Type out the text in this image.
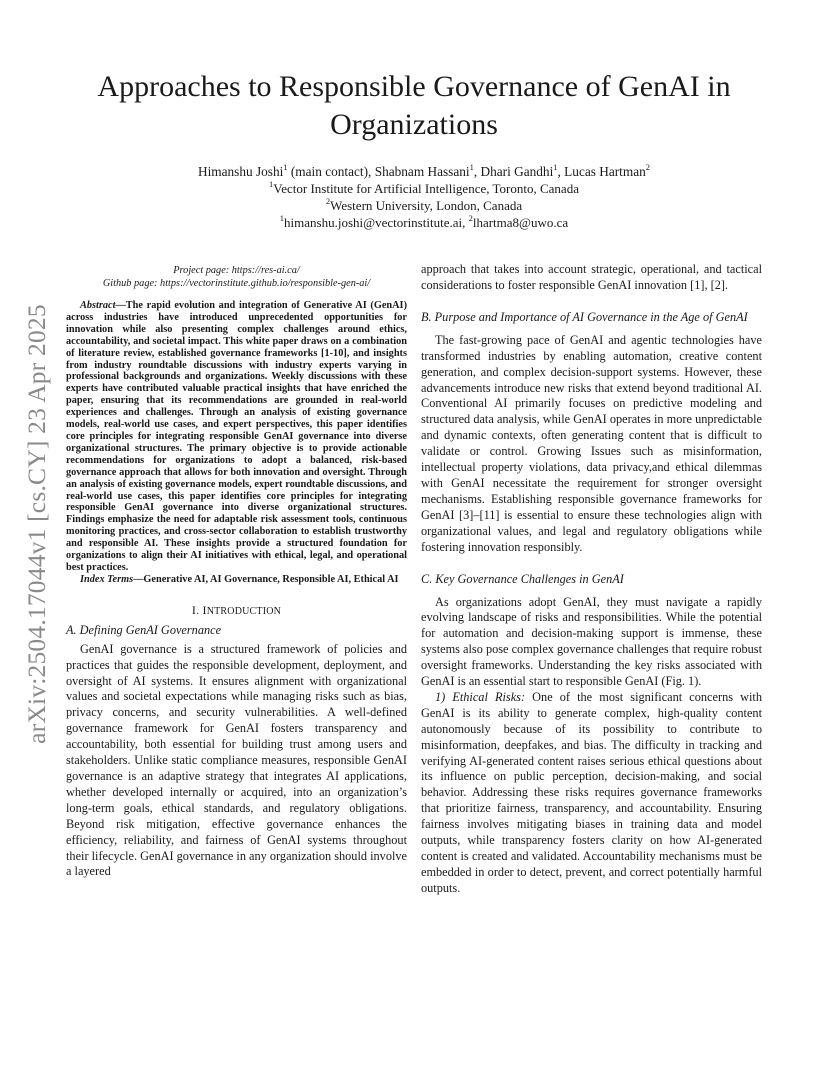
arXiv:2504.17044v1 [cs.CY] 23 Apr 2025
Approaches to Responsible Governance of GenAI in Organizations
Himanshu Joshi$^1$ (main contact), Shabnam Hassani$^1$, Dhari Gandhi$^1$, Lucas Hartman$^2$
$^1$Vector Institute for Artificial Intelligence, Toronto, Canada
$^2$Western University, London, Canada
$^1$himanshu.joshi@vectorinstitute.ai, $^2$lhartma8@uwo.ca
Project page: https://res-ai.ca/
Github page: https://vectorinstitute.github.io/responsible-gen-ai/
Abstract—The rapid evolution and integration of Generative AI (GenAI) across industries have introduced unprecedented opportunities for innovation while also presenting complex challenges around ethics, accountability, and societal impact. This white paper draws on a combination of literature review, established governance frameworks [1-10], and insights from industry roundtable discussions with industry experts varying in professional backgrounds and organizations. Weekly discussions with these experts have contributed valuable practical insights that have enriched the paper, ensuring that its recommendations are grounded in real-world experiences and challenges. Through an analysis of existing governance models, real-world use cases, and expert perspectives, this paper identifies core principles for integrating responsible GenAI governance into diverse organizational structures. The primary objective is to provide actionable recommendations for organizations to adopt a balanced, risk-based governance approach that allows for both innovation and oversight. Through an analysis of existing governance models, expert roundtable discussions, and real-world use cases, this paper identifies core principles for integrating responsible GenAI governance into diverse organizational structures. Findings emphasize the need for adaptable risk assessment tools, continuous monitoring practices, and cross-sector collaboration to establish trustworthy and responsible AI. These insights provide a structured foundation for organizations to align their AI initiatives with ethical, legal, and operational best practices.
Index Terms—Generative AI, AI Governance, Responsible AI, Ethical AI
I. INTRODUCTION
A. Defining GenAI Governance
GenAI governance is a structured framework of policies and practices that guides the responsible development, deployment, and oversight of AI systems. It ensures alignment with organizational values and societal expectations while managing risks such as bias, privacy concerns, and security vulnerabilities. A well-defined governance framework for GenAI fosters transparency and accountability, both essential for building trust among users and stakeholders. Unlike static compliance measures, responsible GenAI governance is an adaptive strategy that integrates AI applications, whether developed internally or acquired, into an organization’s long-term goals, ethical standards, and regulatory obligations. Beyond risk mitigation, effective governance enhances the efficiency, reliability, and fairness of GenAI systems throughout their lifecycle. GenAI governance in any organization should involve a layered
approach that takes into account strategic, operational, and tactical considerations to foster responsible GenAI innovation [1], [2].
B. Purpose and Importance of AI Governance in the Age of GenAI
The fast-growing pace of GenAI and agentic technologies have transformed industries by enabling automation, creative content generation, and complex decision-support systems. However, these advancements introduce new risks that extend beyond traditional AI. Conventional AI primarily focuses on predictive modeling and structured data analysis, while GenAI operates in more unpredictable and dynamic contexts, often generating content that is difficult to validate or control. Growing Issues such as misinformation, intellectual property violations, data privacy,and ethical dilemmas with GenAI necessitate the requirement for stronger oversight mechanisms. Establishing responsible governance frameworks for GenAI [3]–[11] is essential to ensure these technologies align with organizational values, and legal and regulatory obligations while fostering innovation responsibly.
C. Key Governance Challenges in GenAI
As organizations adopt GenAI, they must navigate a rapidly evolving landscape of risks and responsibilities. While the potential for automation and decision-making support is immense, these systems also pose complex governance challenges that require robust oversight frameworks. Understanding the key risks associated with GenAI is an essential start to responsible GenAI (Fig. 1).
1) Ethical Risks: One of the most significant concerns with GenAI is its ability to generate complex, high-quality content autonomously because of its possibility to contribute to misinformation, deepfakes, and bias. The difficulty in tracking and verifying AI-generated content raises serious ethical questions about its influence on public perception, decision-making, and social behavior. Addressing these risks requires governance frameworks that prioritize fairness, transparency, and accountability. Ensuring fairness involves mitigating biases in training data and model outputs, while transparency fosters clarity on how AI-generated content is created and validated. Accountability mechanisms must be embedded in order to detect, prevent, and correct potentially harmful outputs.
